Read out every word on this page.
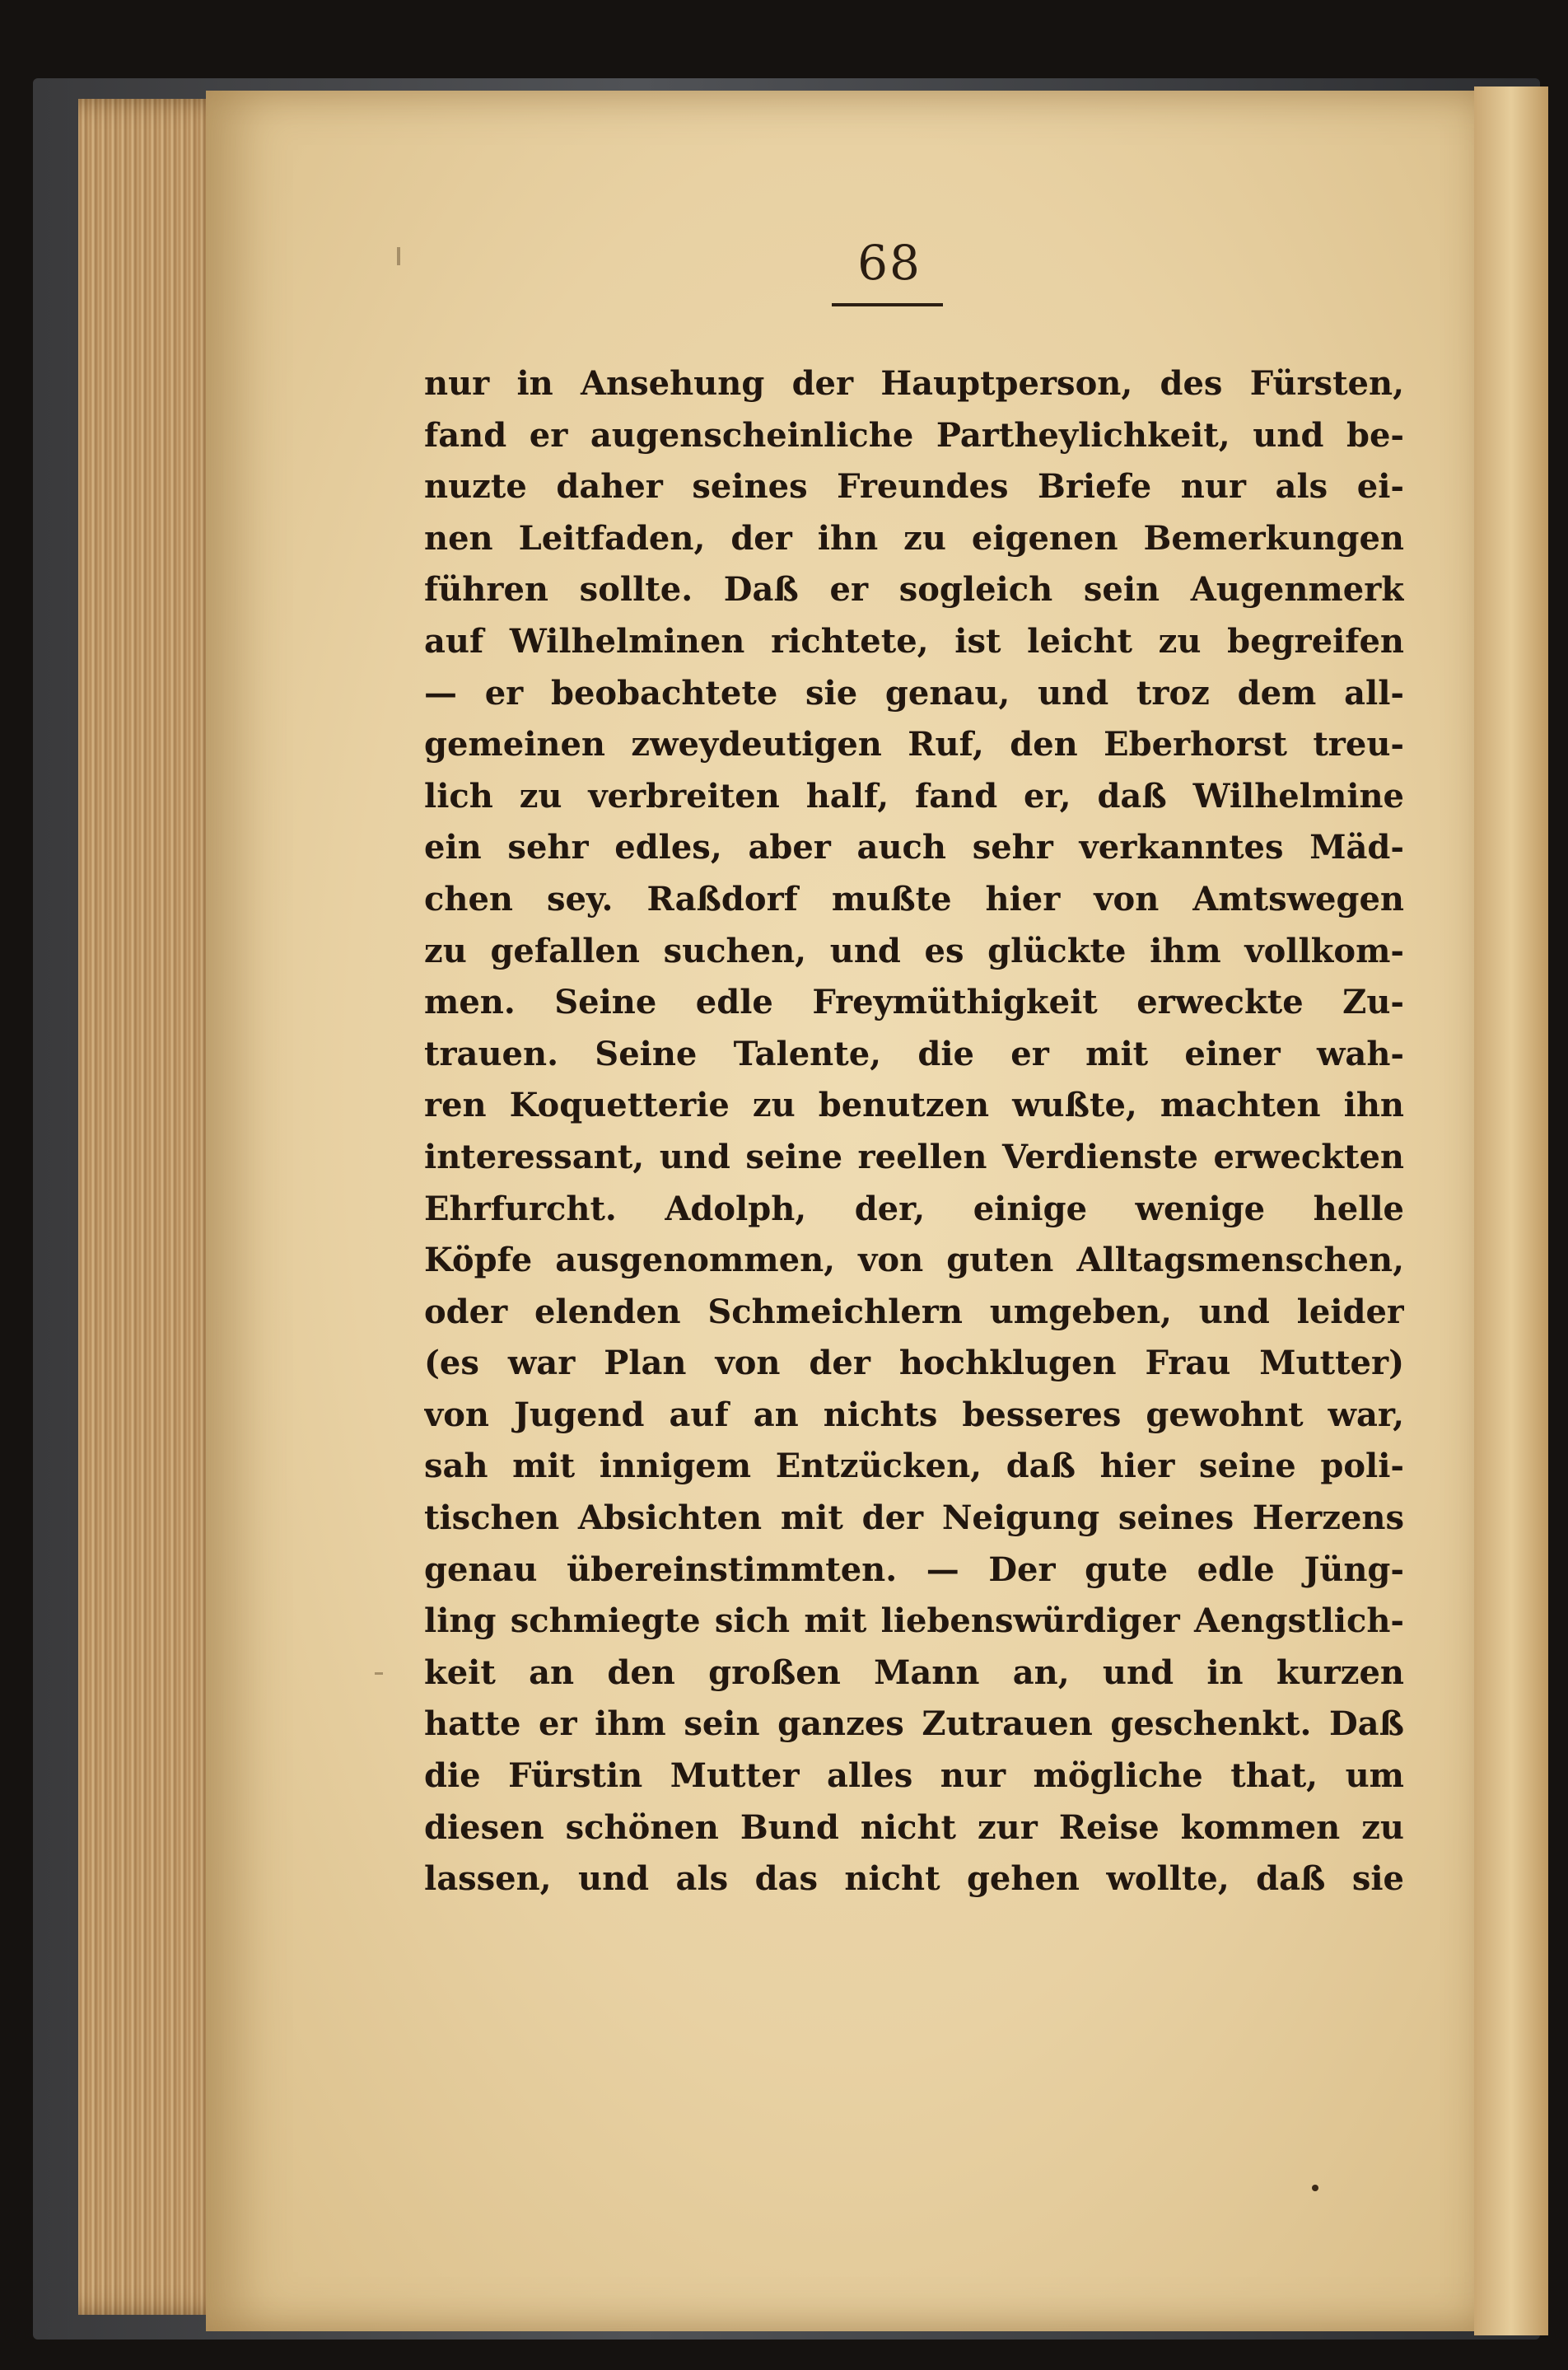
68
nur in Ansehung der Hauptperson, des Fürsten,
fand er augenscheinliche Partheylichkeit, und be-
nuzte daher seines Freundes Briefe nur als ei-
nen Leitfaden, der ihn zu eigenen Bemerkungen
führen sollte. Daß er sogleich sein Augenmerk
auf Wilhelminen richtete, ist leicht zu begreifen
— er beobachtete sie genau, und troz dem all-
gemeinen zweydeutigen Ruf, den Eberhorst treu-
lich zu verbreiten half, fand er, daß Wilhelmine
ein sehr edles, aber auch sehr verkanntes Mäd-
chen sey. Raßdorf mußte hier von Amtswegen
zu gefallen suchen, und es glückte ihm vollkom-
men. Seine edle Freymüthigkeit erweckte Zu-
trauen. Seine Talente, die er mit einer wah-
ren Koquetterie zu benutzen wußte, machten ihn
interessant, und seine reellen Verdienste erweckten
Ehrfurcht. Adolph, der, einige wenige helle
Köpfe ausgenommen, von guten Alltagsmenschen,
oder elenden Schmeichlern umgeben, und leider
(es war Plan von der hochklugen Frau Mutter)
von Jugend auf an nichts besseres gewohnt war,
sah mit innigem Entzücken, daß hier seine poli-
tischen Absichten mit der Neigung seines Herzens
genau übereinstimmten. — Der gute edle Jüng-
ling schmiegte sich mit liebenswürdiger Aengstlich-
keit an den großen Mann an, und in kurzen
hatte er ihm sein ganzes Zutrauen geschenkt. Daß
die Fürstin Mutter alles nur mögliche that, um
diesen schönen Bund nicht zur Reise kommen zu
lassen, und als das nicht gehen wollte, daß sie
